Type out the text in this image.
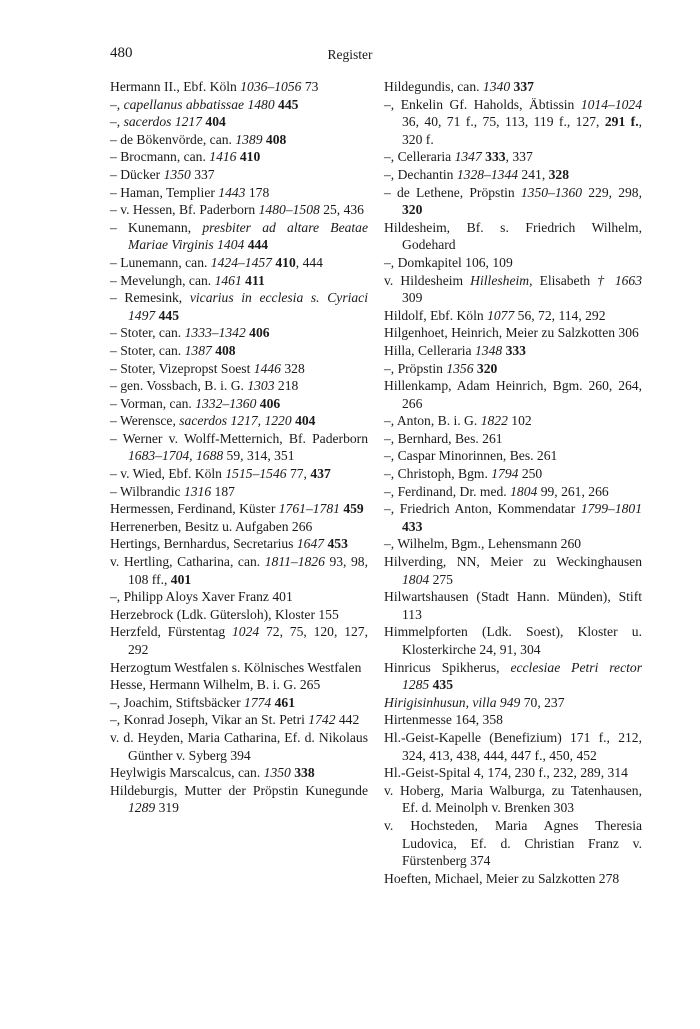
480	Register

Hermann II., Ebf. Köln 1036–1056 73

–, capellanus abbatissae 1480 445

–, sacerdos 1217 404

– de Bökenvörde, can. 1389 408

– Brocmann, can. 1416 410

– Dücker 1350 337

– Haman, Templier 1443 178

– v. Hessen, Bf. Paderborn 1480–1508 25, 436

– Kunemann, presbiter ad altare Beatae Mariae Virginis 1404 444

– Lunemann, can. 1424–1457 410, 444

– Mevelungh, can. 1461 411

– Remesink, vicarius in ecclesia s. Cyriaci 1497 445

– Stoter, can. 1333–1342 406

– Stoter, can. 1387 408

– Stoter, Vizepropst Soest 1446 328

– gen. Vossbach, B. i. G. 1303 218

– Vorman, can. 1332–1360 406

– Werensce, sacerdos 1217, 1220 404

– Werner v. Wolff-Metternich, Bf. Paderborn 1683–1704, 1688 59, 314, 351

– v. Wied, Ebf. Köln 1515–1546 77, 437

– Wilbrandic 1316 187

Hermessen, Ferdinand, Küster 1761–1781 459

Herrenerben, Besitz u. Aufgaben 266

Hertings, Bernhardus, Secretarius 1647 453

v. Hertling, Catharina, can. 1811–1826 93, 98, 108 ff., 401

–, Philipp Aloys Xaver Franz 401

Herzebrock (Ldk. Gütersloh), Kloster 155

Herzfeld, Fürstentag 1024 72, 75, 120, 127, 292

Herzogtum Westfalen s. Kölnisches Westfalen

Hesse, Hermann Wilhelm, B. i. G. 265

–, Joachim, Stiftsbäcker 1774 461

–, Konrad Joseph, Vikar an St. Petri 1742 442

v. d. Heyden, Maria Catharina, Ef. d. Nikolaus Günther v. Syberg 394

Heylwigis Marscalcus, can. 1350 338

Hildeburgis, Mutter der Pröpstin Kunegunde 1289 319

Hildegundis, can. 1340 337

–, Enkelin Gf. Haholds, Äbtissin 1014–1024 36, 40, 71 f., 75, 113, 119 f., 127, 291 f., 320 f.

–, Celleraria 1347 333, 337

–, Dechantin 1328–1344 241, 328

– de Lethene, Pröpstin 1350–1360 229, 298, 320

Hildesheim, Bf. s. Friedrich Wilhelm, Godehard

–, Domkapitel 106, 109

v. Hildesheim Hillesheim, Elisabeth † 1663 309

Hildolf, Ebf. Köln 1077 56, 72, 114, 292

Hilgenhoet, Heinrich, Meier zu Salzkotten 306

Hilla, Celleraria 1348 333

–, Pröpstin 1356 320

Hillenkamp, Adam Heinrich, Bgm. 260, 264, 266

–, Anton, B. i. G. 1822 102

–, Bernhard, Bes. 261

–, Caspar Minorinnen, Bes. 261

–, Christoph, Bgm. 1794 250

–, Ferdinand, Dr. med. 1804 99, 261, 266

–, Friedrich Anton, Kommendatar 1799–1801 433

–, Wilhelm, Bgm., Lehensmann 260

Hilverding, NN, Meier zu Weckinghausen 1804 275

Hilwartshausen (Stadt Hann. Münden), Stift 113

Himmelpforten (Ldk. Soest), Kloster u. Klosterkirche 24, 91, 304

Hinricus Spikherus, ecclesiae Petri rector 1285 435

Hirigisinhusun, villa 949 70, 237

Hirtenmesse 164, 358

Hl.-Geist-Kapelle (Benefizium) 171 f., 212, 324, 413, 438, 444, 447 f., 450, 452

Hl.-Geist-Spital 4, 174, 230 f., 232, 289, 314

v. Hoberg, Maria Walburga, zu Tatenhausen, Ef. d. Meinolph v. Brenken 303

v. Hochsteden, Maria Agnes Theresia Ludovica, Ef. d. Christian Franz v. Fürstenberg 374

Hoeften, Michael, Meier zu Salzkotten 278
